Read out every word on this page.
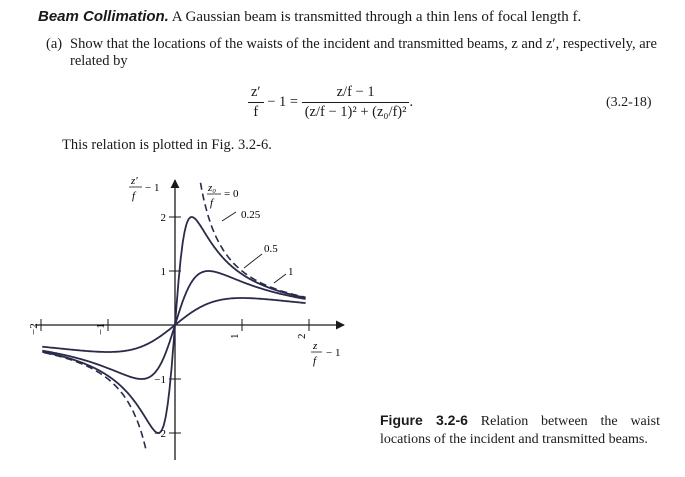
Beam Collimation. A Gaussian beam is transmitted through a thin lens of focal length f.
(a) Show that the locations of the waists of the incident and transmitted beams, z and z′, respectively, are related by
$\frac{z'}{f} - 1 = \frac{z/f - 1}{\text{(z/f − 1)² + (z₀/f)²}}$ .	(3.2-18)
This relation is plotted in Fig. 3.2-6.
−2	−1
1	2
−2
−1
1
2	0.25
0.5
1
z₀
f
= 0
z′
f
− 1
z
f
− 1
Figure 3.2-6 Relation between the waist locations of the incident and transmitted beams.
